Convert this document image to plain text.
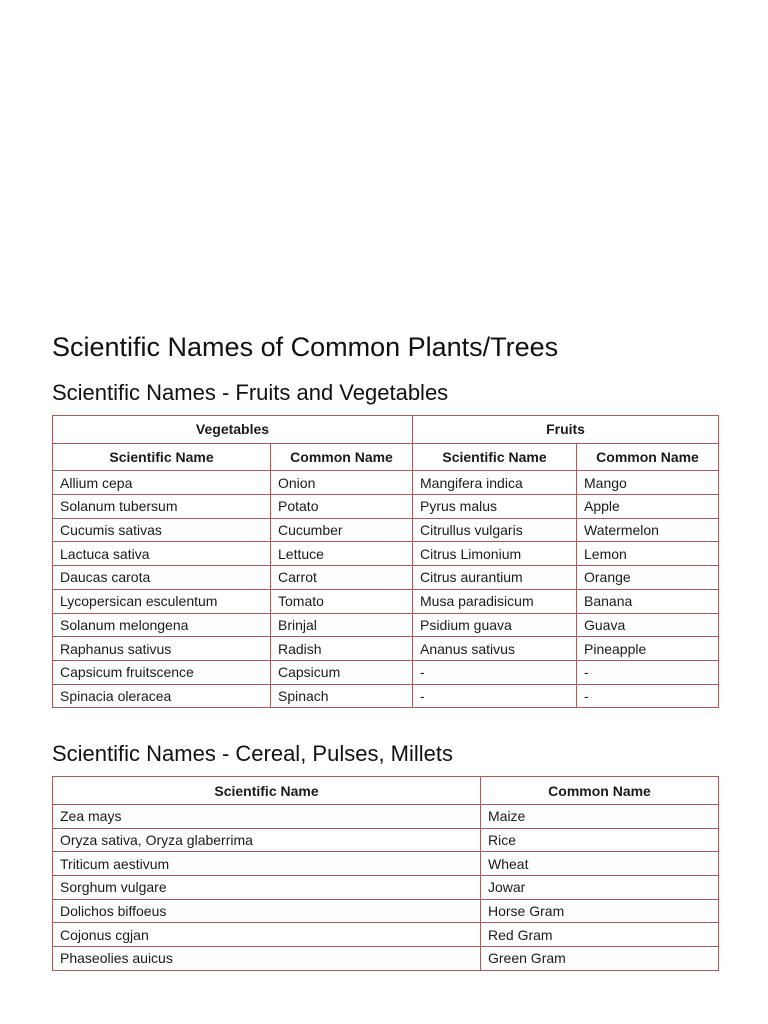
Scientific Names of Common Plants/Trees
Scientific Names - Fruits and Vegetables
Vegetables		Fruits	
Scientific Name	Common Name	Scientific Name	Common Name
Allium cepa	Onion	Mangifera indica	Mango
Solanum tubersum	Potato	Pyrus malus	Apple
Cucumis sativas	Cucumber	Citrullus vulgaris	Watermelon
Lactuca sativa	Lettuce	Citrus Limonium	Lemon
Daucas carota	Carrot	Citrus aurantium	Orange
Lycopersican esculentum	Tomato	Musa paradisicum	Banana
Solanum melongena	Brinjal	Psidium guava	Guava
Raphanus sativus	Radish	Ananus sativus	Pineapple
Capsicum fruitscence	Capsicum	-	-
Spinacia oleracea	Spinach	-	-
Scientific Names - Cereal, Pulses, Millets
Scientific Name	Common Name
Zea mays	Maize
Oryza sativa, Oryza glaberrima	Rice
Triticum aestivum	Wheat
Sorghum vulgare	Jowar
Dolichos biffoeus	Horse Gram
Cojonus cgjan	Red Gram
Phaseolies auicus	Green Gram
